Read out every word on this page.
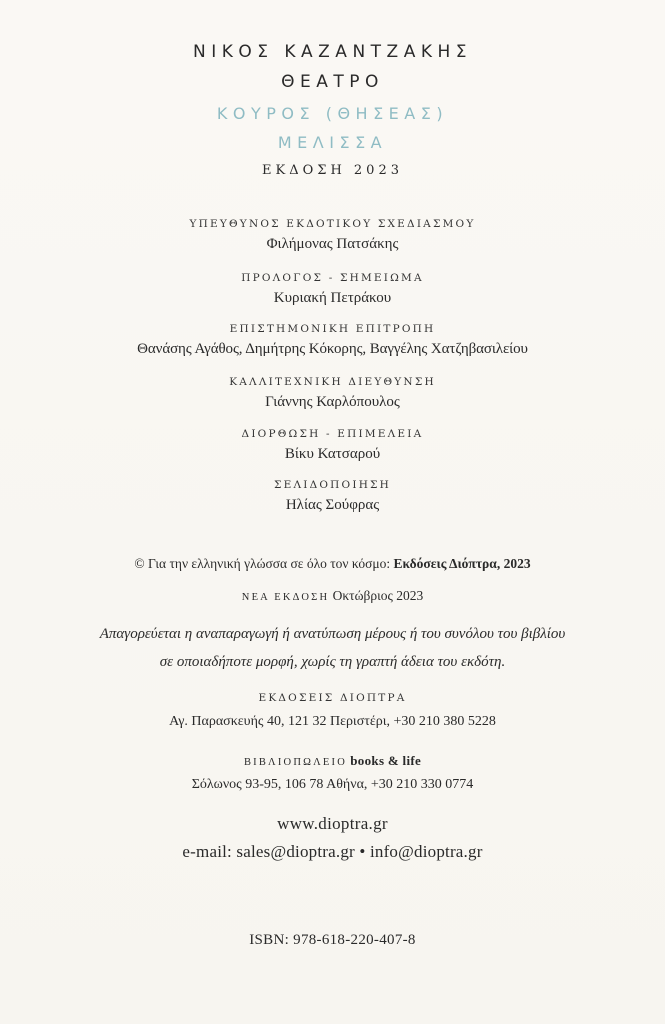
ΝΙΚΟΣ ΚΑΖΑΝΤΖΑΚΗΣ
ΘΕΑΤΡΟ
ΚΟΥΡΟΣ (ΘΗΣΕΑΣ)
ΜΕΛΙΣΣΑ
ΕΚΔΟΣΗ 2023
ΥΠΕΥΘΥΝΟΣ ΕΚΔΟΤΙΚΟΥ ΣΧΕΔΙΑΣΜΟΥ
Φιλήμονας Πατσάκης
ΠΡΟΛΟΓΟΣ - ΣΗΜΕΙΩΜΑ
Κυριακή Πετράκου
ΕΠΙΣΤΗΜΟΝΙΚΗ ΕΠΙΤΡΟΠΗ
Θανάσης Αγάθος, Δημήτρης Κόκορης, Βαγγέλης Χατζηβασιλείου
ΚΑΛΛΙΤΕΧΝΙΚΗ ΔΙΕΥΘΥΝΣΗ
Γιάννης Καρλόπουλος
ΔΙΟΡΘΩΣΗ - ΕΠΙΜΕΛΕΙΑ
Βίκυ Κατσαρού
ΣΕΛΙΔΟΠΟΙΗΣΗ
Ηλίας Σούφρας
© Για την ελληνική γλώσσα σε όλο τον κόσμο: Εκδόσεις Διόπτρα, 2023
ΝΕΑ ΕΚΔΟΣΗ Οκτώβριος 2023
Απαγορεύεται η αναπαραγωγή ή ανατύπωση μέρους ή του συνόλου του βιβλίου
σε οποιαδήποτε μορφή, χωρίς τη γραπτή άδεια του εκδότη.
ΕΚΔΟΣΕΙΣ ΔΙΟΠΤΡΑ
Αγ. Παρασκευής 40, 121 32 Περιστέρι, +30 210 380 5228
ΒΙΒΛΙΟΠΩΛΕΙΟ books & life
Σόλωνος 93-95, 106 78 Αθήνα, +30 210 330 0774
www.dioptra.gr
e-mail: sales@dioptra.gr • info@dioptra.gr
ISBN: 978-618-220-407-8
